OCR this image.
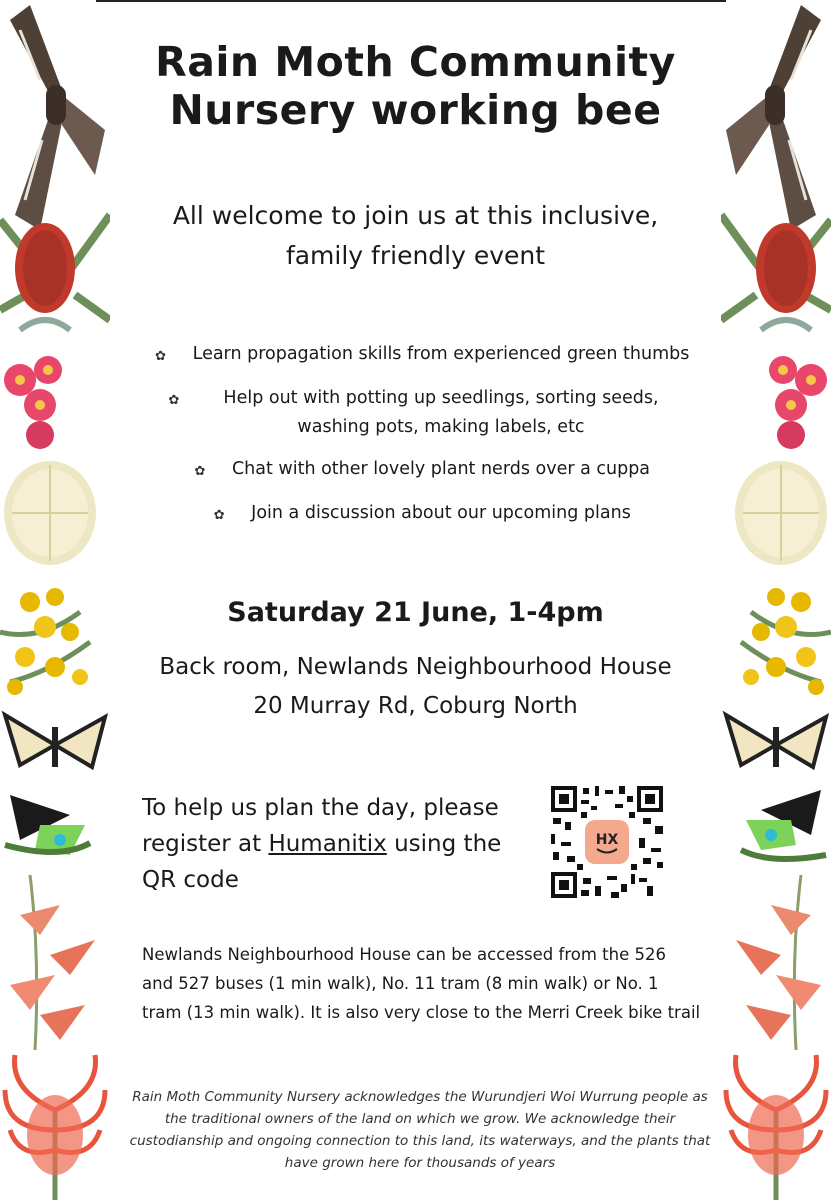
Rain Moth Community
Nursery working bee
All welcome to join us at this inclusive,
family friendly event
✿ Learn propagation skills from experienced green thumbs
✿	Help out with potting up seedlings, sorting seeds, washing pots, making labels, etc
✿ Chat with other lovely plant nerds over a cuppa
✿ Join a discussion about our upcoming plans
Saturday 21 June, 1-4pm
Back room, Newlands Neighbourhood House
20 Murray Rd, Coburg North
To help us plan the day, please register at Humanitix using the QR code
HX

Newlands Neighbourhood House can be accessed from the 526 and 527 buses (1 min walk), No. 11 tram (8 min walk) or No. 1 tram (13 min walk). It is also very close to the Merri Creek bike trail

Rain Moth Community Nursery acknowledges the Wurundjeri Woi Wurrung people as the traditional owners of the land on which we grow. We acknowledge their custodianship and ongoing connection to this land, its waterways, and the plants that have grown here for thousands of years
